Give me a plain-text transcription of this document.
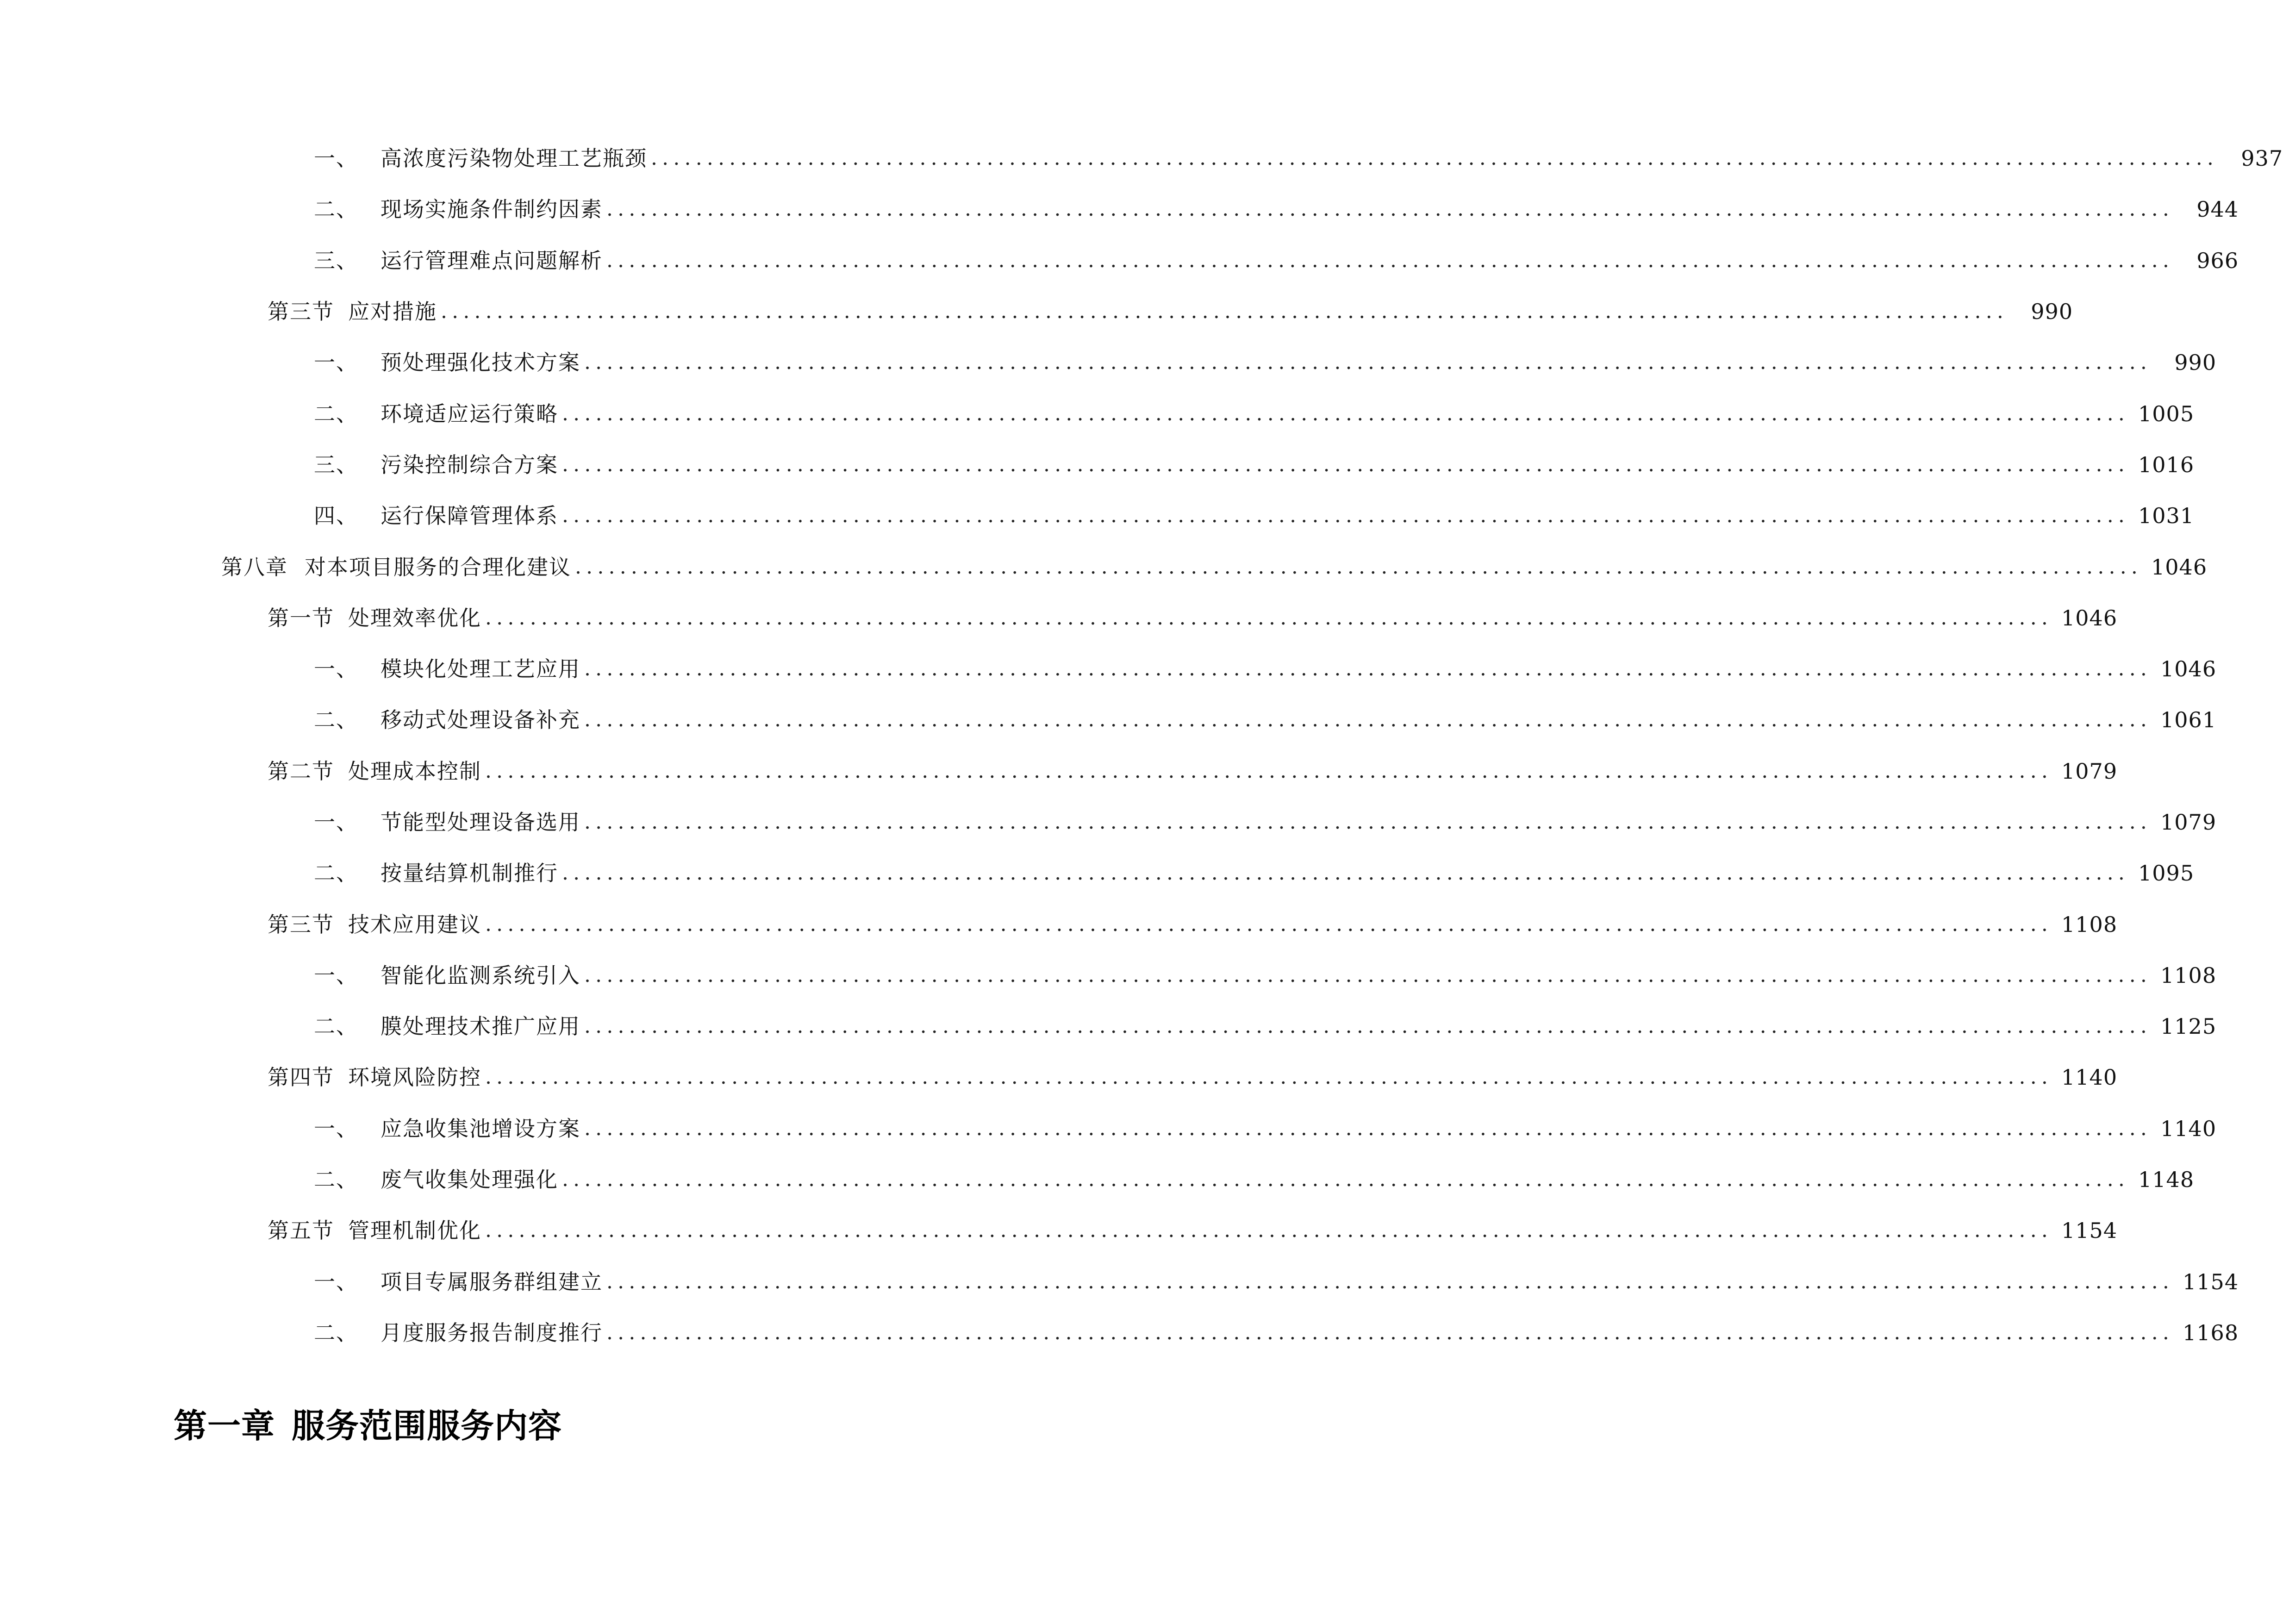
一、 高浓度污染物处理工艺瓶颈 ............................................................................................................................................	937
二、 现场实施条件制约因素 ............................................................................................................................................	944
三、 运行管理难点问题解析 ............................................................................................................................................	966
第三节 应对措施 ............................................................................................................................................	990
一、 预处理强化技术方案 ............................................................................................................................................	990
二、 环境适应运行策略 ............................................................................................................................................ 1005
三、 污染控制综合方案 ............................................................................................................................................ 1016
四、 运行保障管理体系 ............................................................................................................................................ 1031
第八章 对本项目服务的合理化建议 ............................................................................................................................................ 1046
第一节 处理效率优化 ............................................................................................................................................ 1046
一、 模块化处理工艺应用 ............................................................................................................................................ 1046
二、 移动式处理设备补充 ............................................................................................................................................ 1061
第二节 处理成本控制 ............................................................................................................................................ 1079
一、 节能型处理设备选用 ............................................................................................................................................ 1079
二、 按量结算机制推行 ............................................................................................................................................ 1095
第三节 技术应用建议 ............................................................................................................................................ 1108
一、 智能化监测系统引入 ............................................................................................................................................ 1108
二、 膜处理技术推广应用 ............................................................................................................................................ 1125
第四节 环境风险防控 ............................................................................................................................................ 1140
一、 应急收集池增设方案 ............................................................................................................................................ 1140
二、 废气收集处理强化 ............................................................................................................................................ 1148
第五节 管理机制优化 ............................................................................................................................................ 1154
一、 项目专属服务群组建立 ............................................................................................................................................ 1154
二、 月度服务报告制度推行 ............................................................................................................................................ 1168
第一章 服务范围服务内容
